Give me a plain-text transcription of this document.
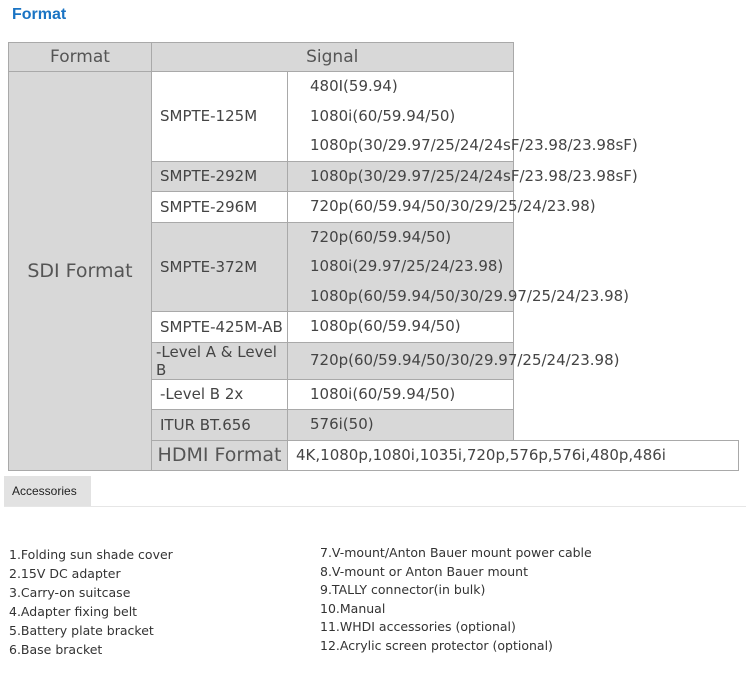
Format
Format	Signal	
SDI Format	SMPTE-125M	480I(59.94)
1080i(60/59.94/50)
1080p(30/29.97/25/24/24sF/23.98/23.98sF)

	SMPTE-292M	1080p(30/29.97/25/24/24sF/23.98/23.98sF)

	SMPTE-296M	720p(60/59.94/50/30/29/25/24/23.98)

	SMPTE-372M	720p(60/59.94/50)
1080i(29.97/25/24/23.98)
1080p(60/59.94/50/30/29.97/25/24/23.98)

	SMPTE-425M-AB	1080p(60/59.94/50)

	-Level A & Level B	720p(60/59.94/50/30/29.97/25/24/23.98)

	-Level B 2x	1080i(60/59.94/50)

	ITUR BT.656	576i(50)

	HDMI Format	4K,1080p,1080i,1035i,720p,576p,576i,480p,486i
Accessories
1.Folding sun shade cover
2.15V DC adapter
3.Carry-on suitcase
4.Adapter fixing belt
5.Battery plate bracket
6.Base bracket
7.V-mount/Anton Bauer mount power cable
8.V-mount or Anton Bauer mount
9.TALLY connector(in bulk)
10.Manual
11.WHDI accessories (optional)
12.Acrylic screen protector (optional)
